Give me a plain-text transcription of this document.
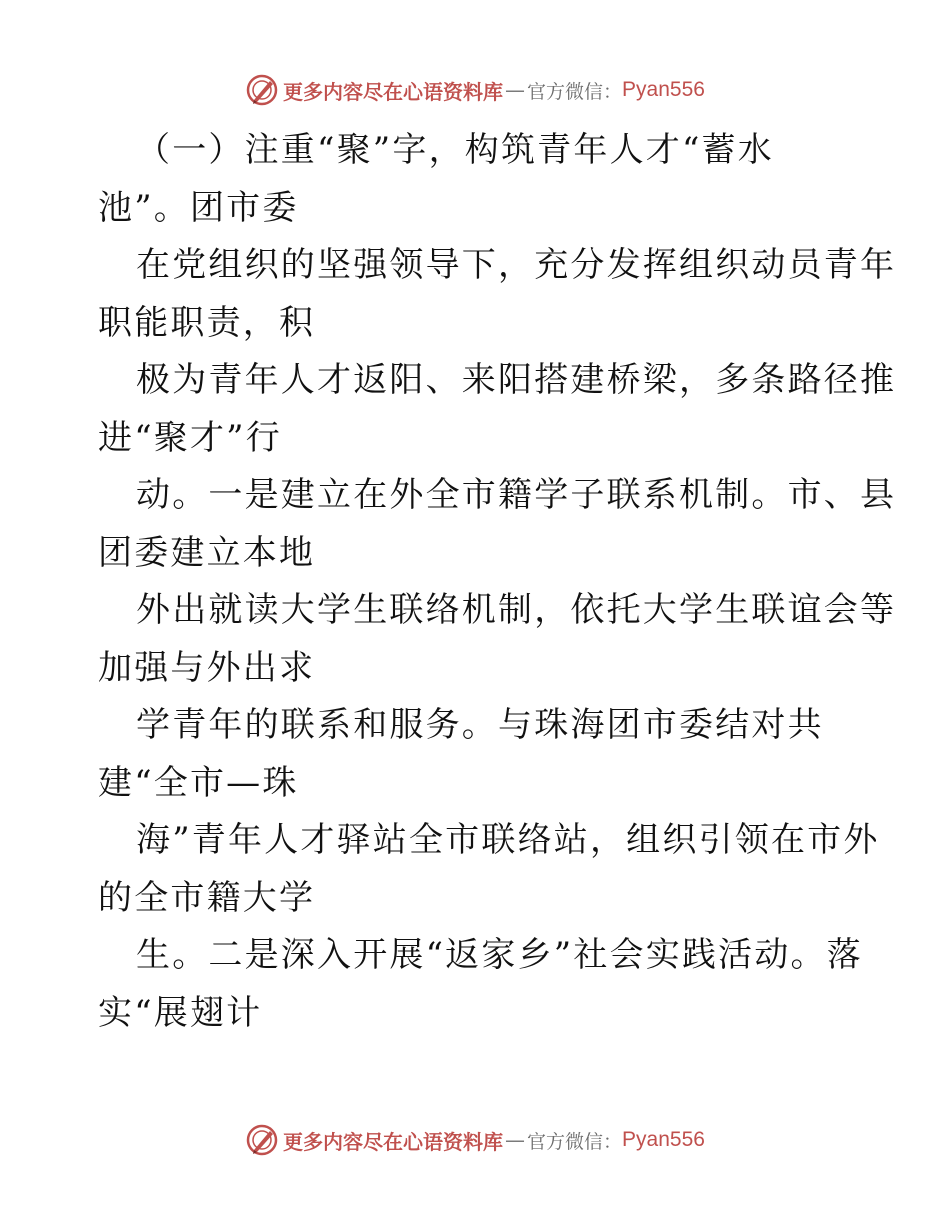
更多内容尽在心语资料库 — 官方微信： Pyan556
（一）注重“聚”字，构筑青年人才“蓄水
池”。团市委
在党组织的坚强领导下，充分发挥组织动员青年
职能职责，积
极为青年人才返阳、来阳搭建桥梁，多条路径推
进“聚才”行
动。一是建立在外全市籍学子联系机制。市、县
团委建立本地
外出就读大学生联络机制，依托大学生联谊会等
加强与外出求
学青年的联系和服务。与珠海团市委结对共
建“全市—珠
海”青年人才驿站全市联络站，组织引领在市外
的全市籍大学
生。二是深入开展“返家乡”社会实践活动。落
实“展翅计
更多内容尽在心语资料库 — 官方微信： Pyan556
